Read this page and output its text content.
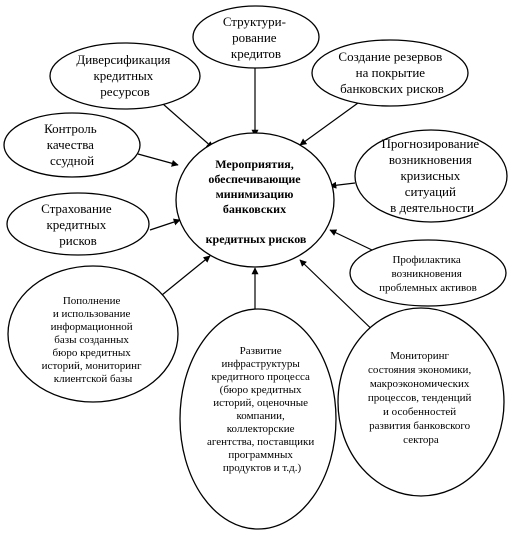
Мероприятия, обеспечивающие минимизацию банковских кредитных рисков
Структури- рование кредитов
Диверсификация кредитных ресурсов
Создание резервов на покрытие банковских рисков
Контроль качества ссудной
Прогнозирование возникновения кризисных ситуаций в деятельности
Страхование кредитных рисков
Профилактика возникновения проблемных активов
Пополнение и использование информационной базы созданных бюро кредитных историй, мониторинг клиентской базы
Развитие инфраструктуры кредитного процесса (бюро кредитных историй, оценочные компании, коллекторские агентства, поставщики программных продуктов и т.д.)
Мониторинг состояния экономики, макроэкономических процессов, тенденций и особенностей развития банковского сектора
